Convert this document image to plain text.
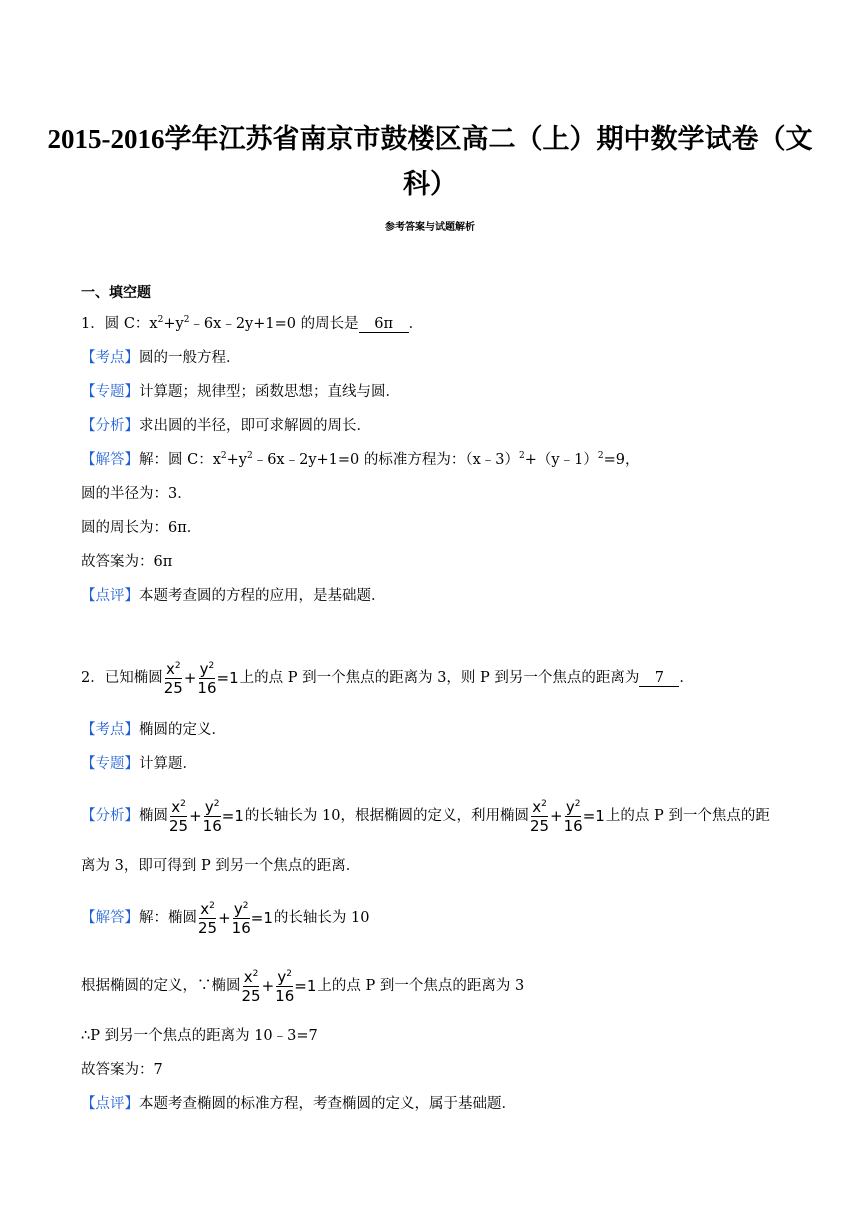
2015-2016学年江苏省南京市鼓楼区高二（上）期中数学试卷（文
科）
参考答案与试题解析
一、填空题
1．圆 C：$x^2+y^2﹣6x﹣2y+1=0$ 的周长是 6π ．
【考点】圆的一般方程．
【专题】计算题；规律型；函数思想；直线与圆．
【分析】求出圆的半径，即可求解圆的周长．
【解答】解：圆 C：$x^2+y^2﹣6x﹣2y+1=0$ 的标准方程为：（x﹣3）$^2$+（y﹣1）$^2$=9，
圆的半径为：3．
圆的周长为：6π．
故答案为：6π
【点评】本题考查圆的方程的应用，是基础题．
2．已知椭圆 $\frac{x^2}{25} + \frac{y^2}{16} =1$ 上的点 P 到一个焦点的距离为 3，则 P 到另一个焦点的距离为 7 ．
【考点】椭圆的定义．
【专题】计算题．
【分析】椭圆 $\frac{x^2}{25} + \frac{y^2}{16} =1$ 的长轴长为 10，根据椭圆的定义，利用椭圆 $\frac{x^2}{25} + \frac{y^2}{16} =1$ 上的点 P 到一个焦点的距
离为 3，即可得到 P 到另一个焦点的距离．
【解答】解：椭圆 $\frac{x^2}{25} + \frac{y^2}{16} =1$ 的长轴长为 10
根据椭圆的定义，∵椭圆 $\frac{x^2}{25} + \frac{y^2}{16} =1$ 上的点 P 到一个焦点的距离为 3
∴P 到另一个焦点的距离为 10﹣3=7
故答案为：7
【点评】本题考查椭圆的标准方程，考查椭圆的定义，属于基础题．
